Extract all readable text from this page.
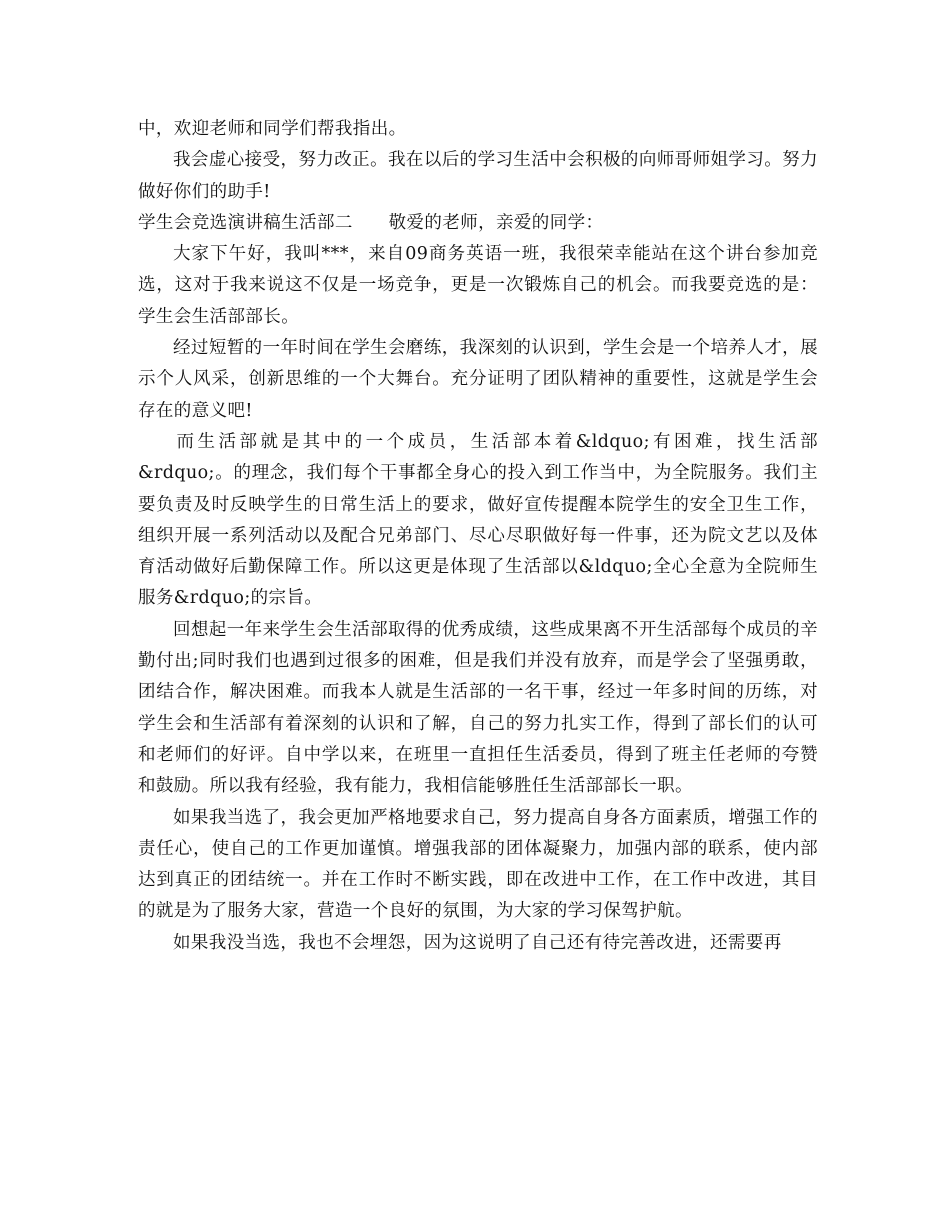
中，欢迎老师和同学们帮我指出。

我会虚心接受，努力改正。我在以后的学习生活中会积极的向师哥师姐学习。努力做好你们的助手!

学生会竞选演讲稿生活部二　　敬爱的老师，亲爱的同学：

大家下午好，我叫***，来自09商务英语一班，我很荣幸能站在这个讲台参加竞选，这对于我来说这不仅是一场竞争，更是一次锻炼自己的机会。而我要竞选的是：学生会生活部部长。

经过短暂的一年时间在学生会磨练，我深刻的认识到，学生会是一个培养人才，展示个人风采，创新思维的一个大舞台。充分证明了团队精神的重要性，这就是学生会存在的意义吧!

而生活部就是其中的一个成员，生活部本着&ldquo;有困难，找生活部&rdquo;。的理念，我们每个干事都全身心的投入到工作当中，为全院服务。我们主要负责及时反映学生的日常生活上的要求，做好宣传提醒本院学生的安全卫生工作，组织开展一系列活动以及配合兄弟部门、尽心尽职做好每一件事，还为院文艺以及体育活动做好后勤保障工作。所以这更是体现了生活部以&ldquo;全心全意为全院师生服务&rdquo;的宗旨。

回想起一年来学生会生活部取得的优秀成绩，这些成果离不开生活部每个成员的辛勤付出;同时我们也遇到过很多的困难，但是我们并没有放弃，而是学会了坚强勇敢，团结合作，解决困难。而我本人就是生活部的一名干事，经过一年多时间的历练，对学生会和生活部有着深刻的认识和了解，自己的努力扎实工作，得到了部长们的认可和老师们的好评。自中学以来，在班里一直担任生活委员，得到了班主任老师的夸赞和鼓励。所以我有经验，我有能力，我相信能够胜任生活部部长一职。

如果我当选了，我会更加严格地要求自己，努力提高自身各方面素质，增强工作的责任心，使自己的工作更加谨慎。增强我部的团体凝聚力，加强内部的联系，使内部达到真正的团结统一。并在工作时不断实践，即在改进中工作，在工作中改进，其目的就是为了服务大家，营造一个良好的氛围，为大家的学习保驾护航。

如果我没当选，我也不会埋怨，因为这说明了自己还有待完善改进，还需要再
